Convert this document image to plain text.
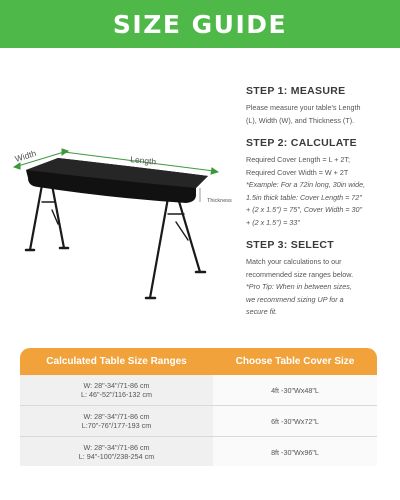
SIZE GUIDE
Width	Length
Thickness
STEP 1: MEASURE

Please measure your table's Length

(L), Width (W), and Thickness (T).

STEP 2: CALCULATE

Required Cover Length = L + 2T;

Required Cover Width = W + 2T

*Example: For a 72in long, 30in wide,

1.5in thick table: Cover Length = 72"

+ (2 x 1.5") = 75", Cover Width = 30"

+ (2 x 1.5") = 33"

STEP 3: SELECT

Match your calculations to our

recommended size ranges below.

*Pro Tip: When in between sizes,

we recommend sizing UP for a

secure fit.

Calculated Table Size Ranges	Choose Table Cover Size
W: 28"-34"/71-86 cm
L: 46"-52"/116-132 cm	4ft -30"Wx48"L
W: 28"-34"/71-86 cm
L:70"-76"/177-193 cm	6ft -30"Wx72"L
W: 28"-34"/71-86 cm
L: 94"-100"/238-254 cm	8ft -30"Wx96"L
